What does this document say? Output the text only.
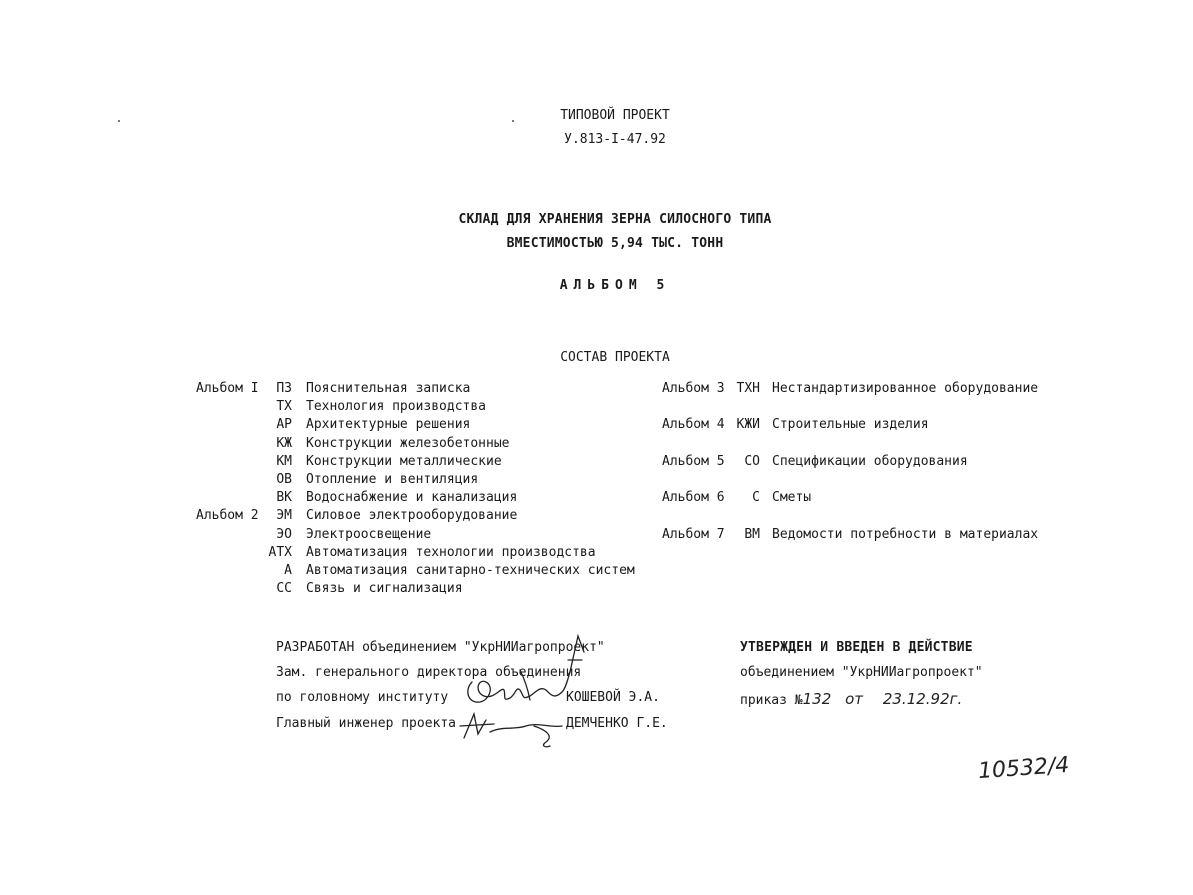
ТИПОВОЙ ПРОЕКТ
У.813-I-47.92
СКЛАД ДЛЯ ХРАНЕНИЯ ЗЕРНА СИЛОСНОГО ТИПА
ВМЕСТИМОСТЬЮ 5,94 ТЫС. ТОНН
АЛЬБОМ 5
СОСТАВ ПРОЕКТА
Альбом I	ПЗ Пояснительная записка
ТХ Технология производства
АР Архитектурные решения
КЖ Конструкции железобетонные
КМ Конструкции металлические
ОВ Отопление и вентиляция
ВК Водоснабжение и канализация
Альбом 2	ЭМ Силовое электрооборудование
ЭО Электроосвещение
АТХ Автоматизация технологии производства
А Автоматизация санитарно-технических систем
СС Связь и сигнализация
Альбом 3 ТХН Нестандартизированное оборудование
Альбом 4 КЖИ Строительные изделия
Альбом 5	СО Спецификации оборудования
Альбом 6	С Сметы
Альбом 7	ВМ Ведомости потребности в материалах
РАЗРАБОТАН объединением "УкрНИИагропроект"
Зам. генерального директора объединения
по головному институту	КОШЕВОЙ Э.А.
Главный инженер проекта	ДЕМЧЕНКО Г.Е.
УТВЕРЖДЕН И ВВЕДЕН В ДЕЙСТВИЕ
объединением "УкрНИИагропроект"
приказ №132 от 23.12.92г.
10532/4
